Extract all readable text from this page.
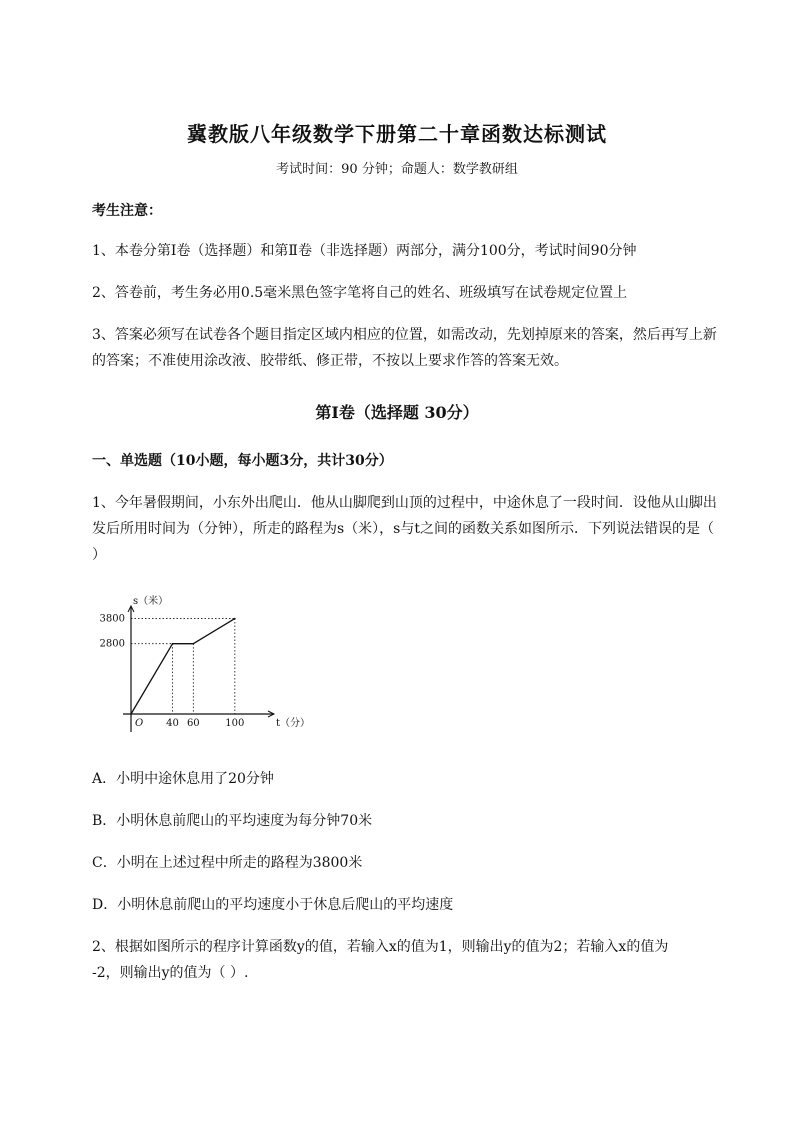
冀教版八年级数学下册第二十章函数达标测试
考试时间：90 分钟；命题人：数学教研组
考生注意：
1、本卷分第I卷（选择题）和第Ⅱ卷（非选择题）两部分，满分100分，考试时间90分钟
2、答卷前，考生务必用0.5毫米黑色签字笔将自己的姓名、班级填写在试卷规定位置上
3、答案必须写在试卷各个题目指定区域内相应的位置，如需改动，先划掉原来的答案，然后再写上新的答案；不准使用涂改液、胶带纸、修正带，不按以上要求作答的答案无效。
第I卷（选择题 30分）
一、单选题（10小题，每小题3分，共计30分）
1、今年暑假期间，小东外出爬山．他从山脚爬到山顶的过程中，中途休息了一段时间．设他从山脚出发后所用时间为（分钟），所走的路程为s（米），s与t之间的函数关系如图所示．下列说法错误的是（ ）
2800
3800
40 60	100
O
s（米）
t（分）
A．小明中途休息用了20分钟
B．小明休息前爬山的平均速度为每分钟70米
C．小明在上述过程中所走的路程为3800米
D．小明休息前爬山的平均速度小于休息后爬山的平均速度
2、根据如图所示的程序计算函数y的值，若输入x的值为1，则输出y的值为2；若输入x的值为
-2，则输出y的值为（ ）.
